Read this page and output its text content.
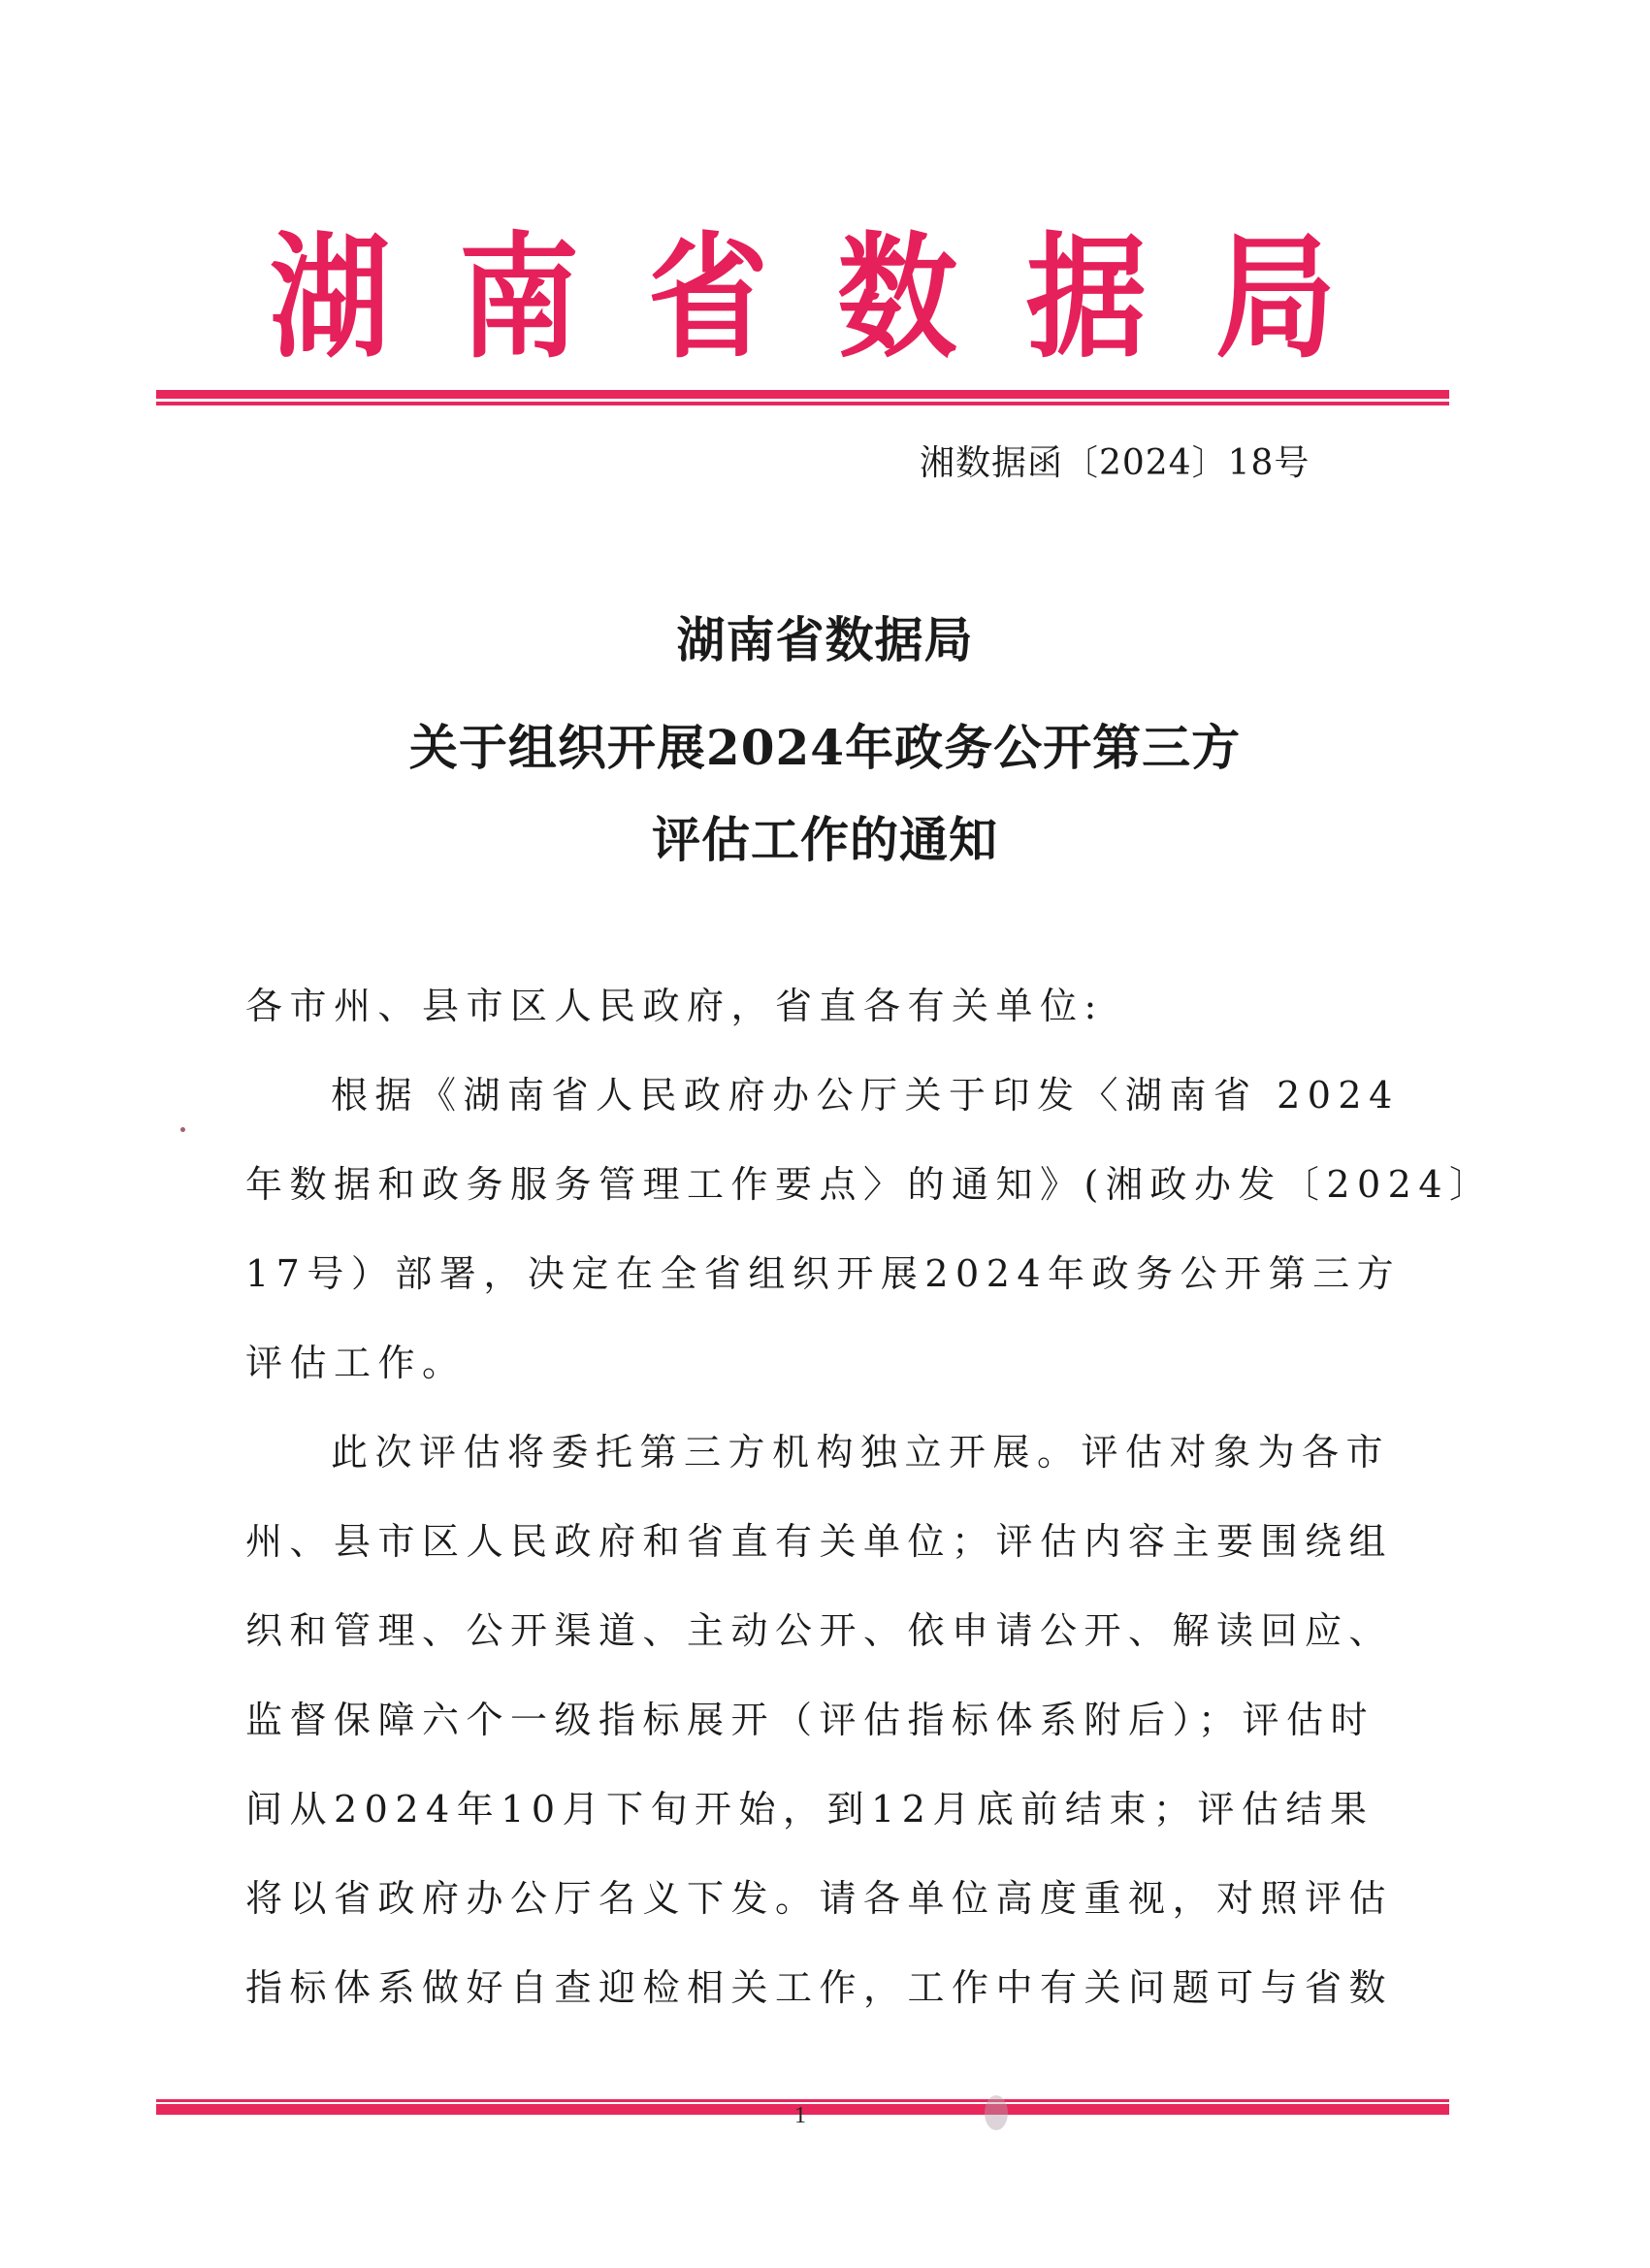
湖 南 省 数 据 局
湘数据函〔2024〕18号
湖南省数据局
关于组织开展2024年政务公开第三方
评估工作的通知
各市州、县市区人民政府，省直各有关单位:
根据《湖南省人民政府办公厅关于印发〈湖南省 2024
年数据和政务服务管理工作要点〉的通知》(湘政办发〔2024〕
17号）部署，决定在全省组织开展2024年政务公开第三方
评估工作。
此次评估将委托第三方机构独立开展。评估对象为各市
州、县市区人民政府和省直有关单位；评估内容主要围绕组
织和管理、公开渠道、主动公开、依申请公开、解读回应、
监督保障六个一级指标展开（评估指标体系附后）；评估时
间从2024年10月下旬开始，到12月底前结束；评估结果
将以省政府办公厅名义下发。请各单位高度重视，对照评估
指标体系做好自查迎检相关工作，工作中有关问题可与省数
1
